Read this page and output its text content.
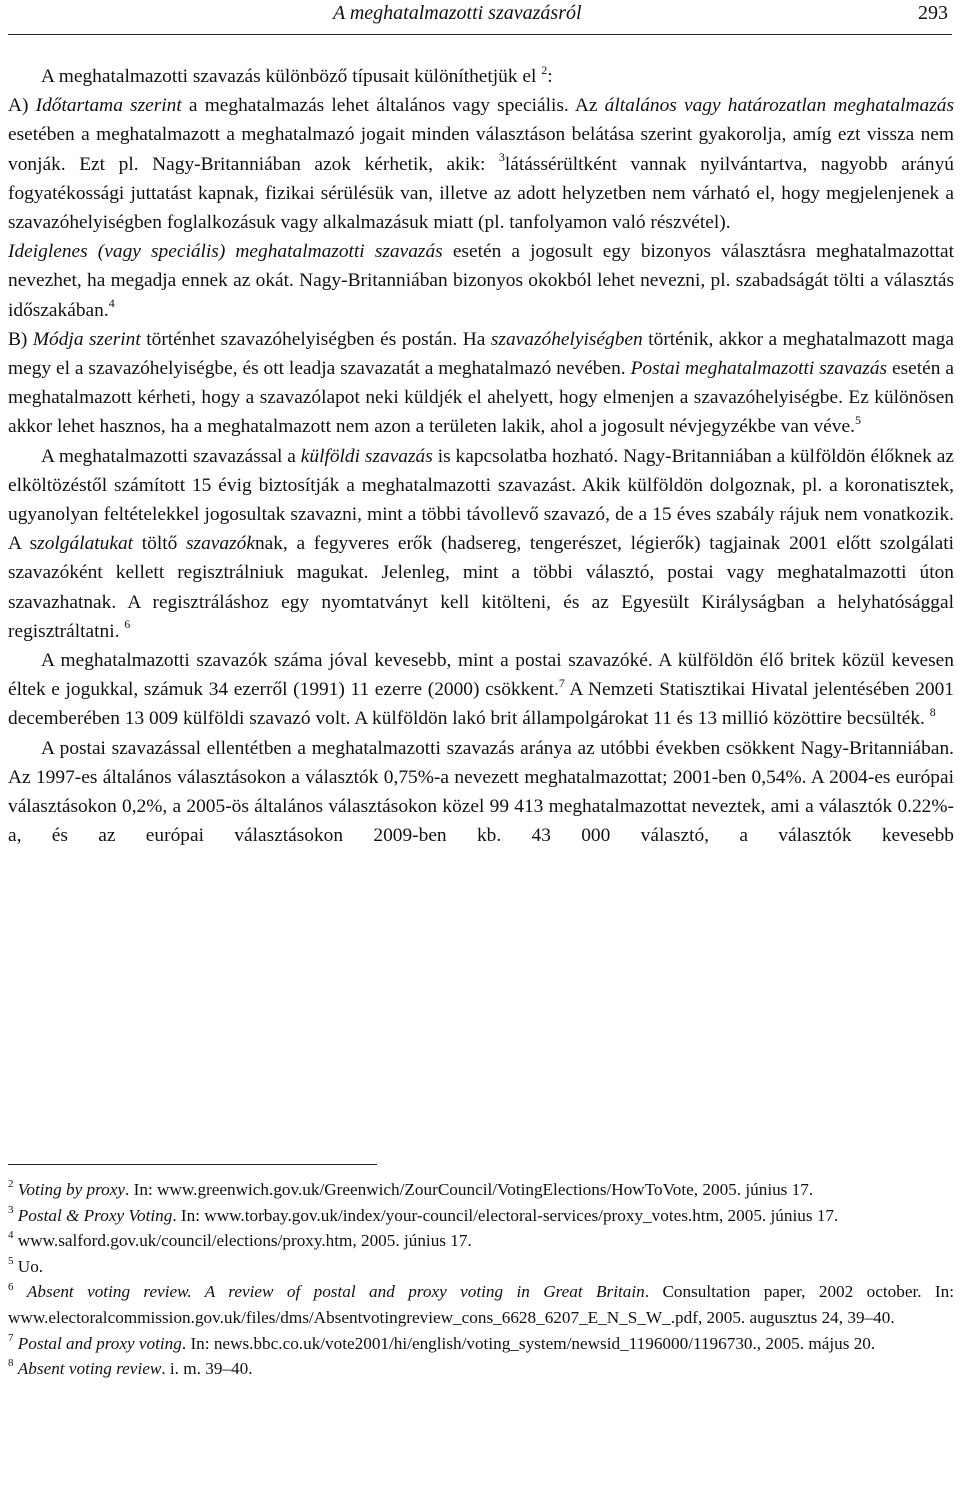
A meghatalmazotti szavazásról	293

A meghatalmazotti szavazás különböző típusait különíthetjük el $^2$:

A) Időtartama szerint a meghatalmazás lehet általános vagy speciális. Az általános vagy határozatlan meghatalmazás esetében a meghatalmazott a meghatalmazó jogait minden választáson belátása szerint gyakorolja, amíg ezt vissza nem vonják. Ezt pl. Nagy-Britanniában azok kérhetik, akik: $^3$látássérültként vannak nyilvántartva, nagyobb arányú fogyatékossági juttatást kapnak, fizikai sérülésük van, illetve az adott helyzetben nem várható el, hogy megjelenjenek a szavazóhelyiségben foglalkozásuk vagy alkalmazásuk miatt (pl. tanfolyamon való részvétel).

Ideiglenes (vagy speciális) meghatalmazotti szavazás esetén a jogosult egy bizonyos választásra meghatalmazottat nevezhet, ha megadja ennek az okát. Nagy-Britanniában bizonyos okokból lehet nevezni, pl. szabadságát tölti a választás időszakában.$^4$

B) Módja szerint történhet szavazóhelyiségben és postán. Ha szavazóhelyiségben történik, akkor a meghatalmazott maga megy el a szavazóhelyiségbe, és ott leadja szavazatát a meghatalmazó nevében. Postai meghatalmazotti szavazás esetén a meghatalmazott kérheti, hogy a szavazólapot neki küldjék el ahelyett, hogy elmenjen a szavazóhelyiségbe. Ez különösen akkor lehet hasznos, ha a meghatalmazott nem azon a területen lakik, ahol a jogosult névjegyzékbe van véve.$^5$

A meghatalmazotti szavazással a külföldi szavazás is kapcsolatba hozható. Nagy-Britanniában a külföldön élőknek az elköltözéstől számított 15 évig biztosítják a meghatalmazotti szavazást. Akik külföldön dolgoznak, pl. a koronatisztek, ugyanolyan feltételekkel jogosultak szavazni, mint a többi távollevő szavazó, de a 15 éves szabály rájuk nem vonatkozik. A szolgálatukat töltő szavazóknak, a fegyveres erők (hadsereg, tengerészet, légierők) tagjainak 2001 előtt szolgálati szavazóként kellett regisztrálniuk magukat. Jelenleg, mint a többi választó, postai vagy meghatalmazotti úton szavazhatnak. A regisztráláshoz egy nyomtatványt kell kitölteni, és az Egyesült Királyságban a helyhatósággal regisztráltatni. $^6$

A meghatalmazotti szavazók száma jóval kevesebb, mint a postai szavazóké. A külföldön élő britek közül kevesen éltek e jogukkal, számuk 34 ezerről (1991) 11 ezerre (2000) csökkent.$^7$ A Nemzeti Statisztikai Hivatal jelentésében 2001 decemberében 13 009 külföldi szavazó volt. A külföldön lakó brit állampolgárokat 11 és 13 millió közöttire becsülték. $^8$

A postai szavazással ellentétben a meghatalmazotti szavazás aránya az utóbbi években csökkent Nagy-Britanniában. Az 1997-es általános választásokon a választók 0,75%-a nevezett meghatalmazottat; 2001-ben 0,54%. A 2004-es európai választásokon 0,2%, a 2005-ös általános választásokon közel 99 413 meghatalmazottat neveztek, ami a választók 0.22%-a, és az európai választásokon 2009-ben kb. 43 000 választó, a választók kevesebb

$^2$ Voting by proxy. In: www.greenwich.gov.uk/Greenwich/ZourCouncil/VotingElections/HowToVote, 2005. június 17.

$^3$ Postal & Proxy Voting. In: www.torbay.gov.uk/index/your-council/electoral-services/proxy_votes.htm, 2005. június 17.

$^4$ www.salford.gov.uk/council/elections/proxy.htm, 2005. június 17.

$^5$ Uo.

$^6$ Absent voting review. A review of postal and proxy voting in Great Britain. Consultation paper, 2002 october. In: www.electoralcommission.gov.uk/files/dms/Absentvotingreview_cons_6628_6207_E_N_S_W_.pdf, 2005. augusztus 24, 39–40.

$^7$ Postal and proxy voting. In: news.bbc.co.uk/vote2001/hi/english/voting_system/newsid_1196000/1196730., 2005. május 20.

$^8$ Absent voting review. i. m. 39–40.
